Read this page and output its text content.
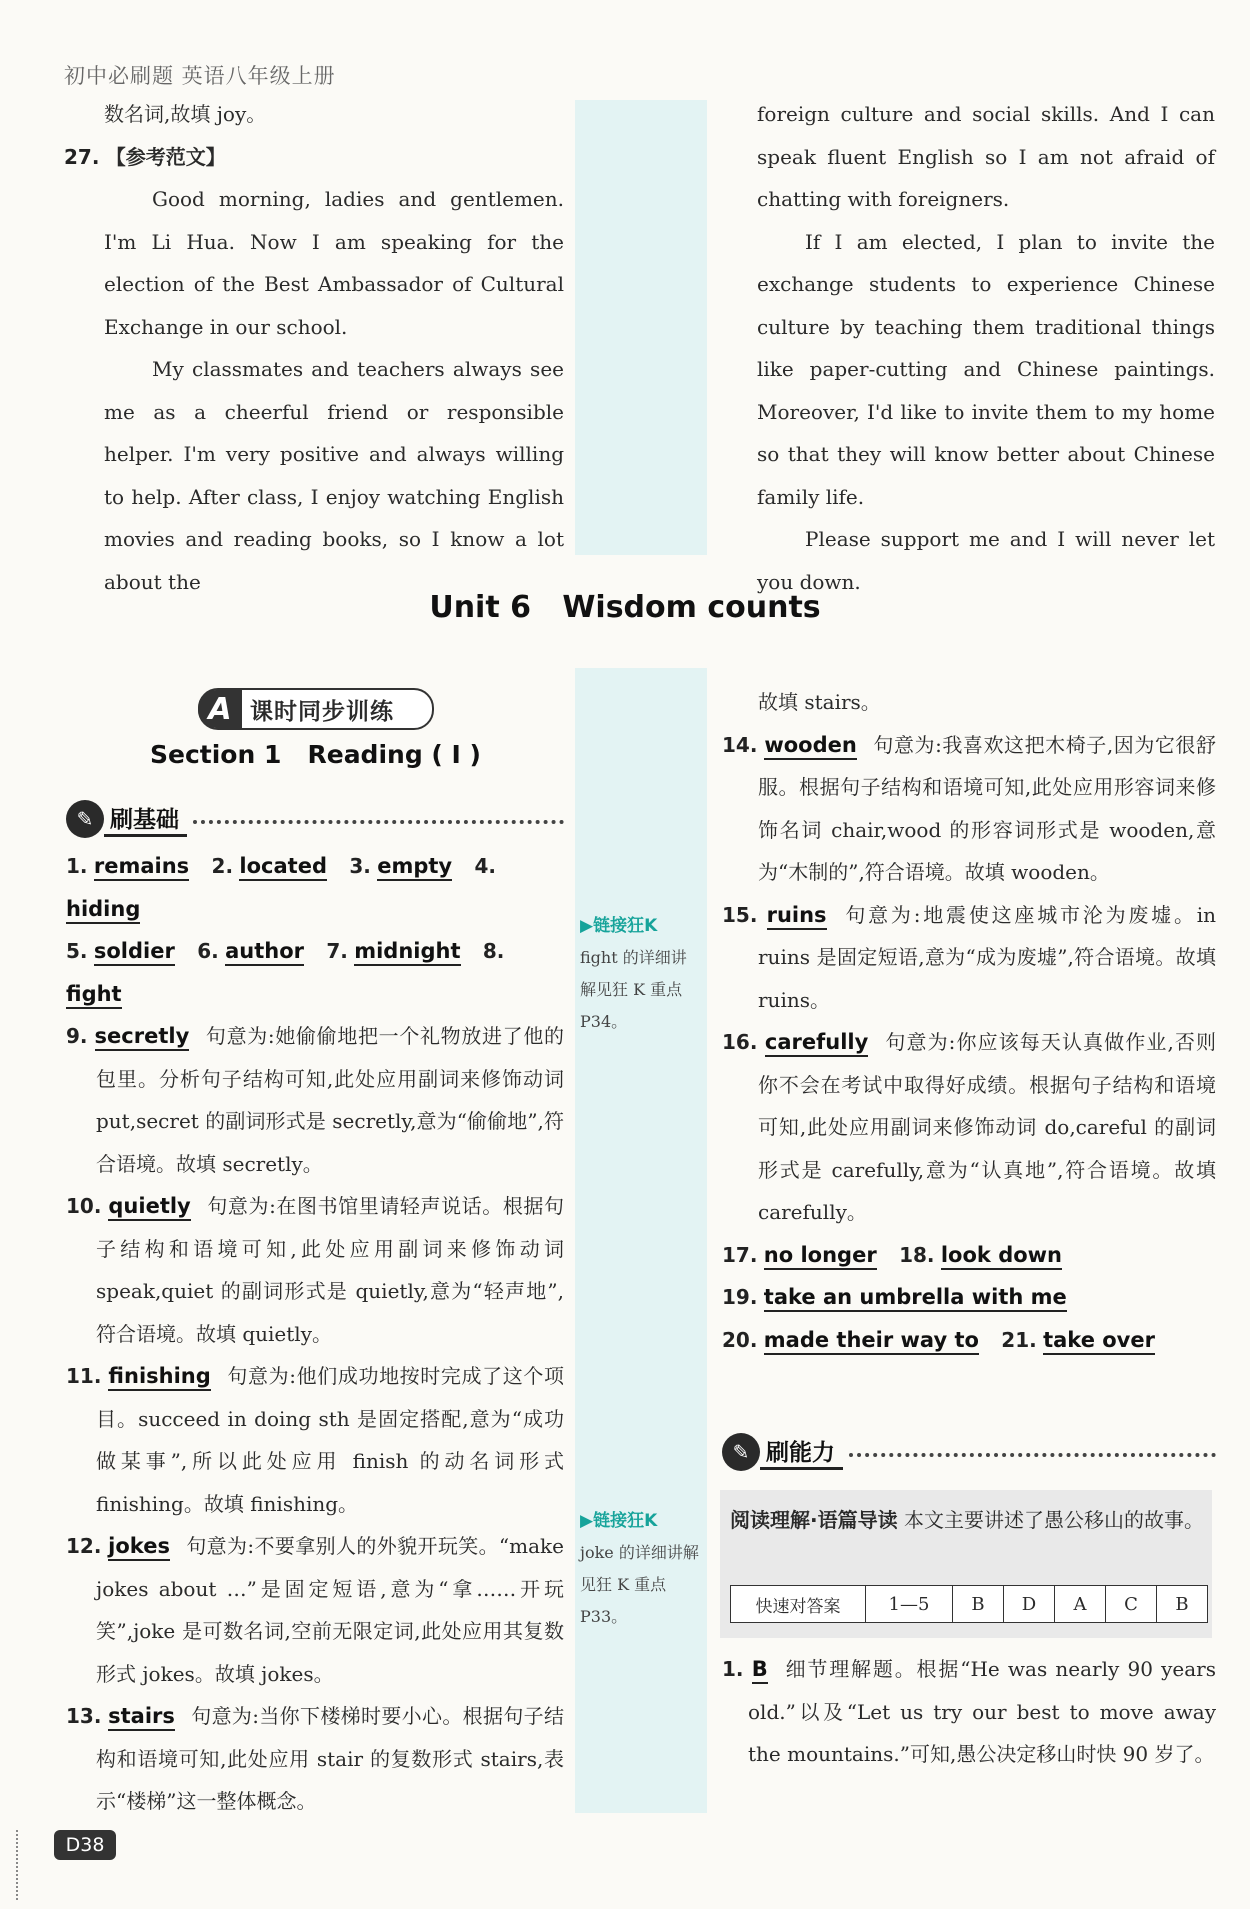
初中必刷题 英语八年级上册

数名词,故填 joy。

27. 【参考范文】

Good morning, ladies and gentlemen. I'm Li Hua. Now I am speaking for the election of the Best Ambassador of Cultural Exchange in our school.

My classmates and teachers always see me as a cheerful friend or responsible helper. I'm very positive and always willing to help. After class, I enjoy watching English movies and reading books, so I know a lot about the

foreign culture and social skills. And I can speak fluent English so I am not afraid of chatting with foreigners.

If I am elected, I plan to invite the exchange students to experience Chinese culture by teaching them traditional things like paper-cutting and Chinese paintings. Moreover, I'd like to invite them to my home so that they will know better about Chinese family life.

Please support me and I will never let you down.

Unit 6   Wisdom counts
A 课时同步训练
Section 1   Reading ( Ⅰ )
✎ 刷基础

1. remains 2. located 3. empty 4. hiding

5. soldier 6. author 7. midnight 8. fight

9. secretly 句意为:她偷偷地把一个礼物放进了他的包里。分析句子结构可知,此处应用副词来修饰动词 put,secret 的副词形式是 secretly,意为“偷偷地”,符合语境。故填 secretly。

10. quietly 句意为:在图书馆里请轻声说话。根据句子结构和语境可知,此处应用副词来修饰动词 speak,quiet 的副词形式是 quietly,意为“轻声地”,符合语境。故填 quietly。

11. finishing 句意为:他们成功地按时完成了这个项目。succeed in doing sth 是固定搭配,意为“成功做某事”,所以此处应用 finish 的动名词形式 finishing。故填 finishing。

12. jokes 句意为:不要拿别人的外貌开玩笑。“make jokes about …”是固定短语,意为“拿……开玩笑”,joke 是可数名词,空前无限定词,此处应用其复数形式 jokes。故填 jokes。

13. stairs 句意为:当你下楼梯时要小心。根据句子结构和语境可知,此处应用 stair 的复数形式 stairs,表示“楼梯”这一整体概念。

▶链接狂K
fight 的详细讲解见狂 K 重点 P34。
▶链接狂K
joke 的详细讲解见狂 K 重点 P33。

故填 stairs。

14. wooden 句意为:我喜欢这把木椅子,因为它很舒服。根据句子结构和语境可知,此处应用形容词来修饰名词 chair,wood 的形容词形式是 wooden,意为“木制的”,符合语境。故填 wooden。

15. ruins 句意为:地震使这座城市沦为废墟。in ruins 是固定短语,意为“成为废墟”,符合语境。故填 ruins。

16. carefully 句意为:你应该每天认真做作业,否则你不会在考试中取得好成绩。根据句子结构和语境可知,此处应用副词来修饰动词 do,careful 的副词形式是 carefully,意为“认真地”,符合语境。故填 carefully。

17. no longer 18. look down

19. take an umbrella with me

20. made their way to 21. take over

✎ 刷能力
阅读理解·语篇导读 本文主要讲述了愚公移山的故事。
快速对答案	1—5	B	D	A	C	B

1. B 细节理解题。根据“He was nearly 90 years old.”以及“Let us try our best to move away the mountains.”可知,愚公决定移山时快 90 岁了。

D38
